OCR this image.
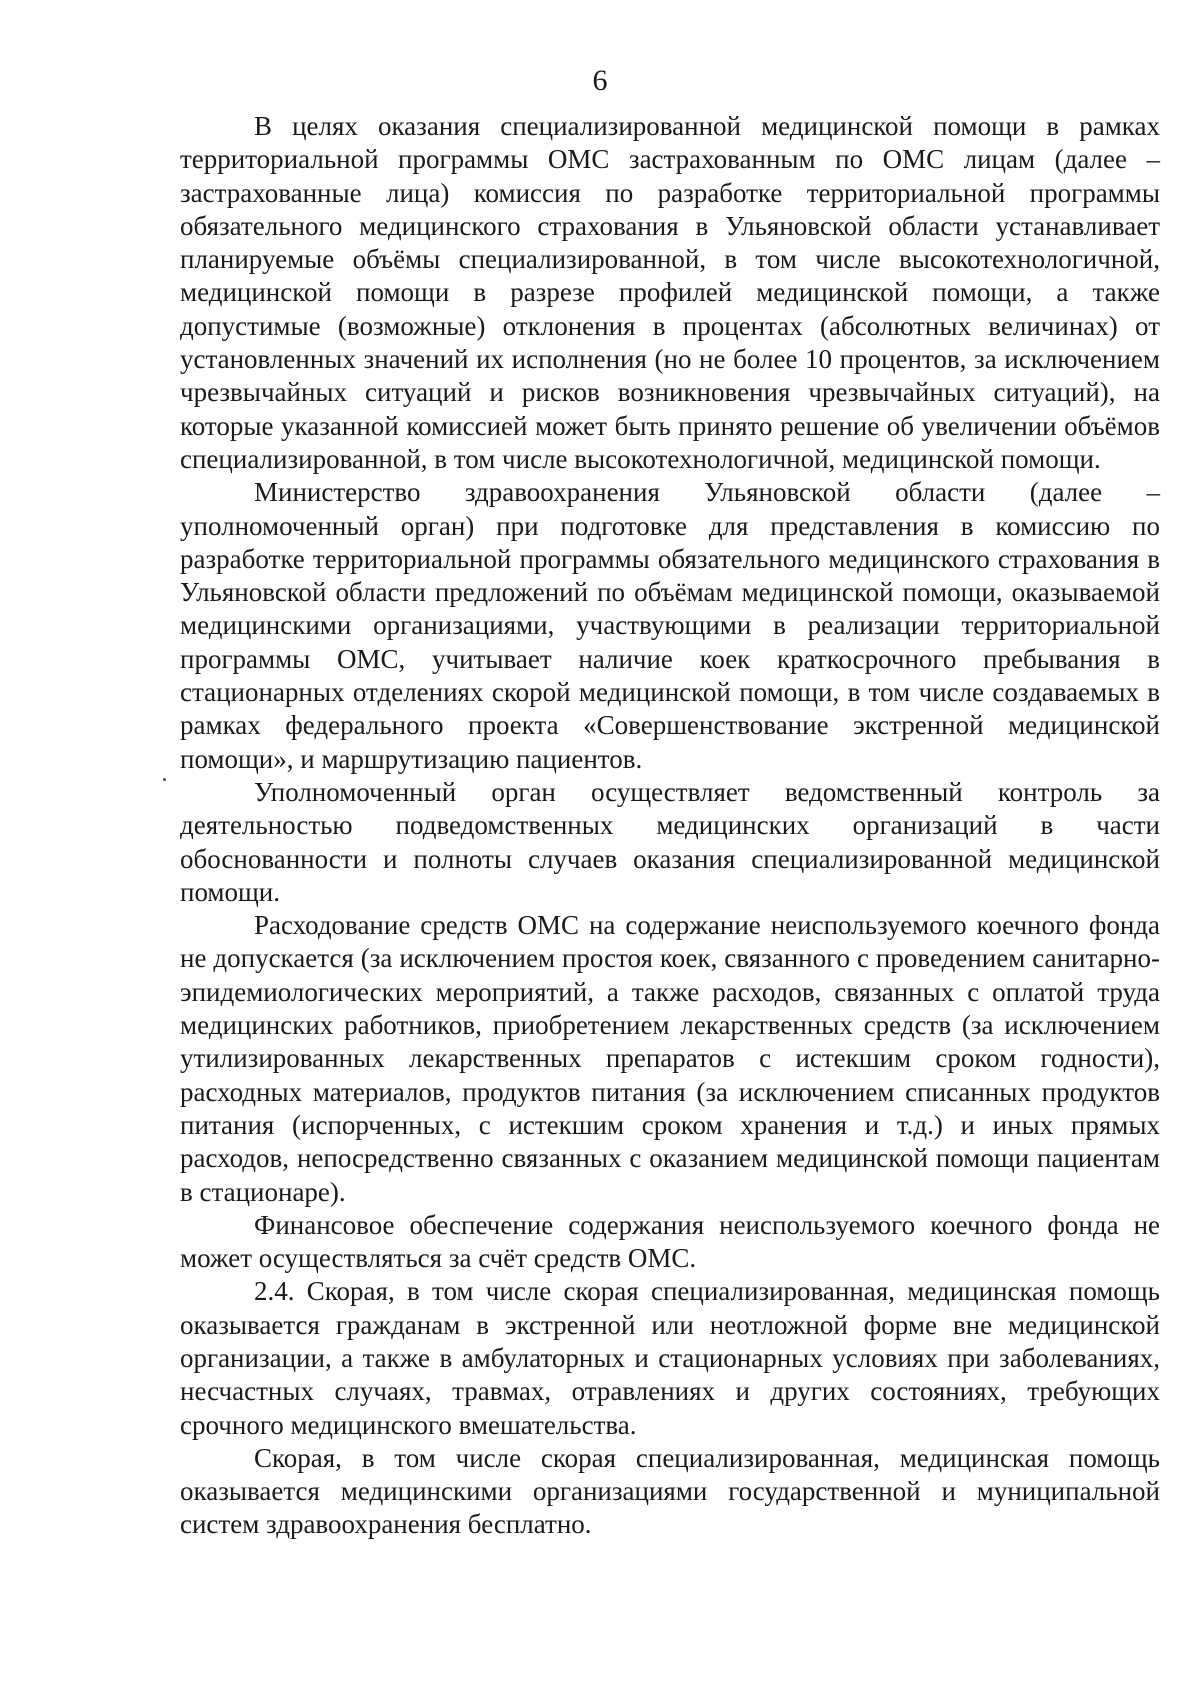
6

В целях оказания специализированной медицинской помощи в рамках территориальной программы ОМС застрахованным по ОМС лицам (далее – застрахованные лица) комиссия по разработке территориальной программы обязательного медицинского страхования в Ульяновской области устанавливает планируемые объёмы специализированной, в том числе высокотехнологичной, медицинской помощи в разрезе профилей медицинской помощи, а также допустимые (возможные) отклонения в процентах (абсолютных величинах) от установленных значений их исполнения (но не более 10 процентов, за исключением чрезвычайных ситуаций и рисков возникновения чрезвычайных ситуаций), на которые указанной комиссией может быть принято решение об увеличении объёмов специализированной, в том числе высокотехнологичной, медицинской помощи.

Министерство здравоохранения Ульяновской области (далее – уполномоченный орган) при подготовке для представления в комиссию по разработке территориальной программы обязательного медицинского страхования в Ульяновской области предложений по объёмам медицинской помощи, оказываемой медицинскими организациями, участвующими в реализации территориальной программы ОМС, учитывает наличие коек краткосрочного пребывания в стационарных отделениях скорой медицинской помощи, в том числе создаваемых в рамках федерального проекта «Совершенствование экстренной медицинской помощи», и маршрутизацию пациентов.

Уполномоченный орган осуществляет ведомственный контроль за деятельностью подведомственных медицинских организаций в части обоснованности и полноты случаев оказания специализированной медицинской помощи.

Расходование средств ОМС на содержание неиспользуемого коечного фонда не допускается (за исключением простоя коек, связанного с проведением санитарно-эпидемиологических мероприятий, а также расходов, связанных с оплатой труда медицинских работников, приобретением лекарственных средств (за исключением утилизированных лекарственных препаратов с истекшим сроком годности), расходных материалов, продуктов питания (за исключением списанных продуктов питания (испорченных, с истекшим сроком хранения и т.д.) и иных прямых расходов, непосредственно связанных с оказанием медицинской помощи пациентам в стационаре).

Финансовое обеспечение содержания неиспользуемого коечного фонда не может осуществляться за счёт средств ОМС.

2.4. Скорая, в том числе скорая специализированная, медицинская помощь оказывается гражданам в экстренной или неотложной форме вне медицинской организации, а также в амбулаторных и стационарных условиях при заболеваниях, несчастных случаях, травмах, отравлениях и других состояниях, требующих срочного медицинского вмешательства.

Скорая, в том числе скорая специализированная, медицинская помощь оказывается медицинскими организациями государственной и муниципальной систем здравоохранения бесплатно.
